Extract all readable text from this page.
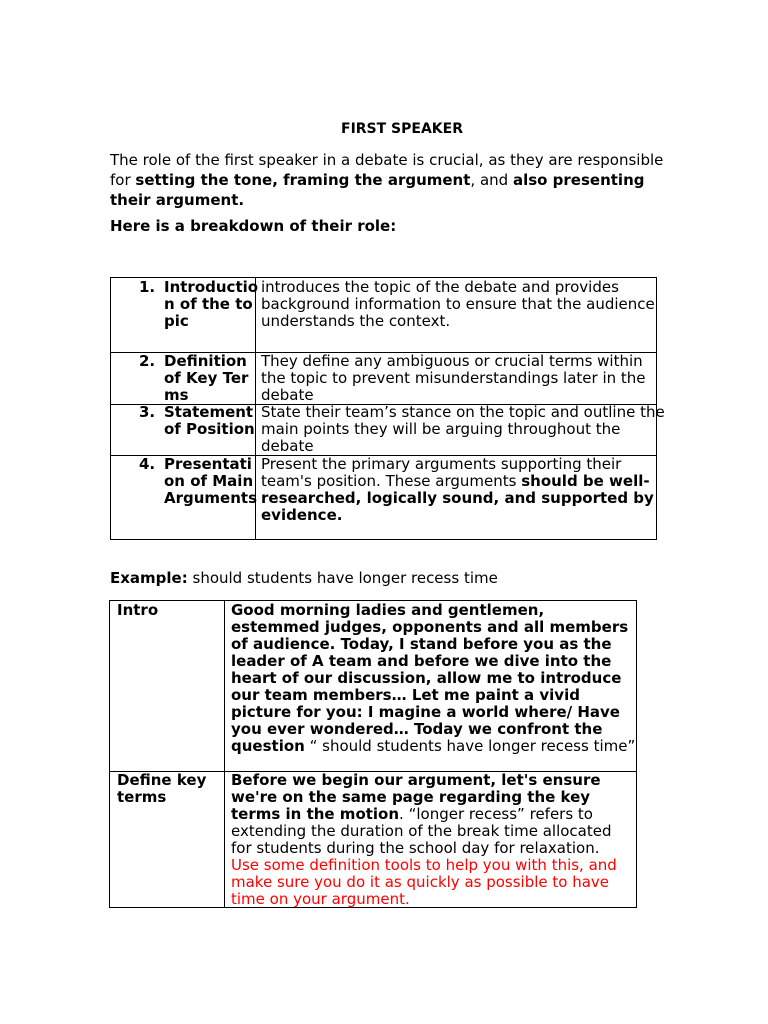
FIRST SPEAKER
The role of the first speaker in a debate is crucial, as they are responsible for setting the tone, framing the argument, and also presenting their argument.
Here is a breakdown of their role:
1. Introduction of the topic
introduces the topic of the debate and provides background information to ensure that the audience understands the context.
2. Definition of Key Terms
They define any ambiguous or crucial terms within the topic to prevent misunderstandings later in the debate
3. Statement of Position
State their team’s stance on the topic and outline the main points they will be arguing throughout the debate
4. Presentation of Main Arguments
Present the primary arguments supporting their team's position. These arguments should be well-researched, logically sound, and supported by evidence.
Example: should students have longer recess time
Intro	Good morning ladies and gentlemen, estemmed judges, opponents and all members of audience. Today, I stand before you as the leader of A team and before we dive into the heart of our discussion, allow me to introduce our team members… Let me paint a vivid picture for you: I magine a world where/ Have you ever wondered… Today we confront the question “ should students have longer recess time”
Define key terms
Before we begin our argument, let's ensure we're on the same page regarding the key terms in the motion. “longer recess” refers to extending the duration of the break time allocated for students during the school day for relaxation.
Use some definition tools to help you with this, and make sure you do it as quickly as possible to have time on your argument.
